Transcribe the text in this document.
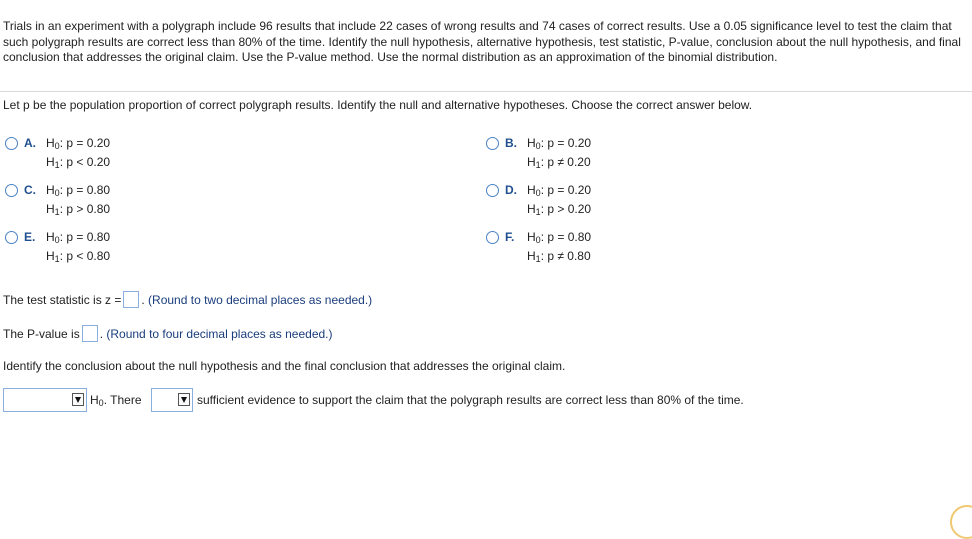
Trials in an experiment with a polygraph include 96 results that include 22 cases of wrong results and 74 cases of correct results. Use a 0.05 significance level to test the claim that such polygraph results are correct less than 80% of the time. Identify the null hypothesis, alternative hypothesis, test statistic, P-value, conclusion about the null hypothesis, and final conclusion that addresses the original claim. Use the P-value method. Use the normal distribution as an approximation of the binomial distribution.
Let p be the population proportion of correct polygraph results. Identify the null and alternative hypotheses. Choose the correct answer below.
A. $H_0$: p = 0.20
$H_1$: p < 0.20
B. $H_0$: p = 0.20
$H_1$: p ≠ 0.20
C. $H_0$: p = 0.80
$H_1$: p > 0.80
D. $H_0$: p = 0.20
$H_1$: p > 0.20
E. $H_0$: p = 0.80
$H_1$: p < 0.80
F. $H_0$: p = 0.80
$H_1$: p ≠ 0.80
The test statistic is z = . (Round to two decimal places as needed.)
The P-value is . (Round to four decimal places as needed.)
Identify the conclusion about the null hypothesis and the final conclusion that addresses the original claim.
$H_0$. There	sufficient evidence to support the claim that the polygraph results are correct less than 80% of the time.
